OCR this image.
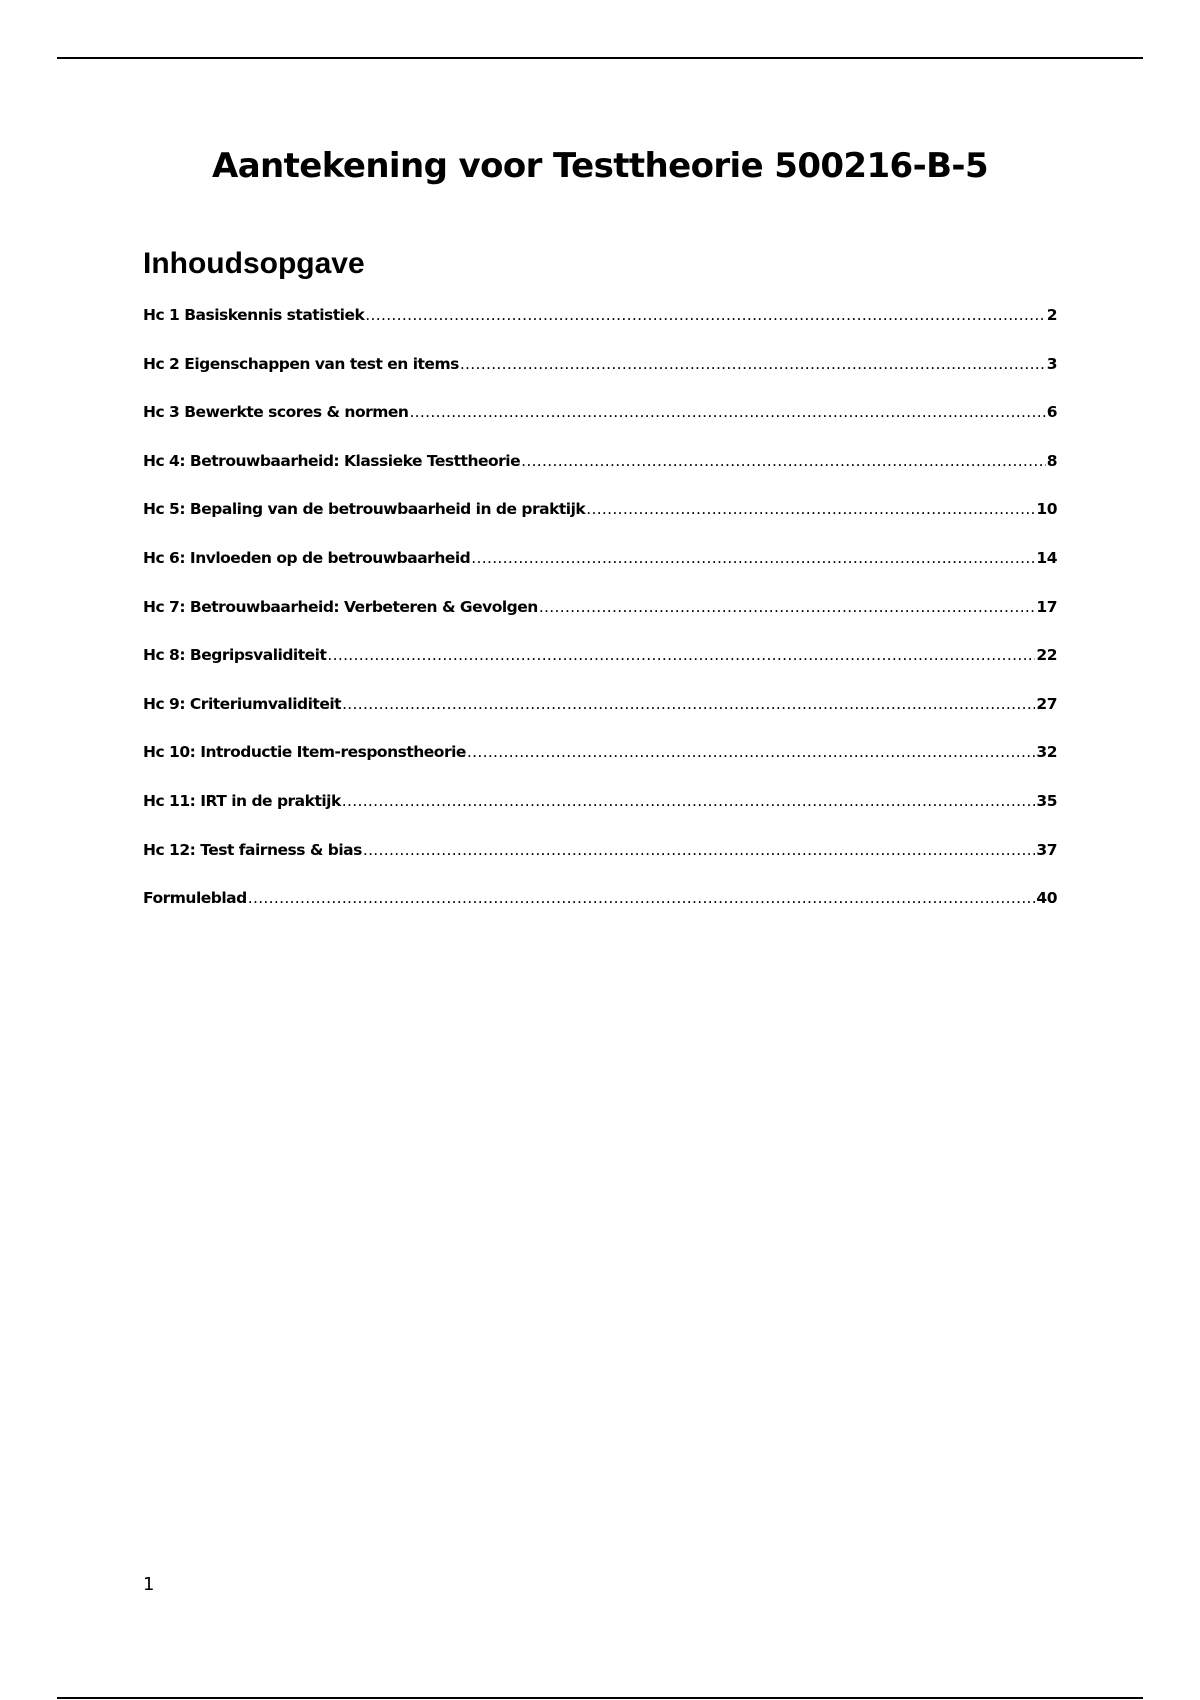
Aantekening voor Testtheorie 500216-B-5
Inhoudsopgave
Hc 1 Basiskennis statistiek .....	2
Hc 2 Eigenschappen van test en items .....	3
Hc 3 Bewerkte scores & normen .....	6
Hc 4: Betrouwbaarheid: Klassieke Testtheorie .....	8
Hc 5: Bepaling van de betrouwbaarheid in de praktijk .....	10
Hc 6: Invloeden op de betrouwbaarheid .....	14
Hc 7: Betrouwbaarheid: Verbeteren & Gevolgen .....	17
Hc 8: Begripsvaliditeit .....	22
Hc 9: Criteriumvaliditeit .....	27
Hc 10: Introductie Item-responstheorie .....	32
Hc 11: IRT in de praktijk .....	35
Hc 12: Test fairness & bias .....	37
Formuleblad .....	40
1
